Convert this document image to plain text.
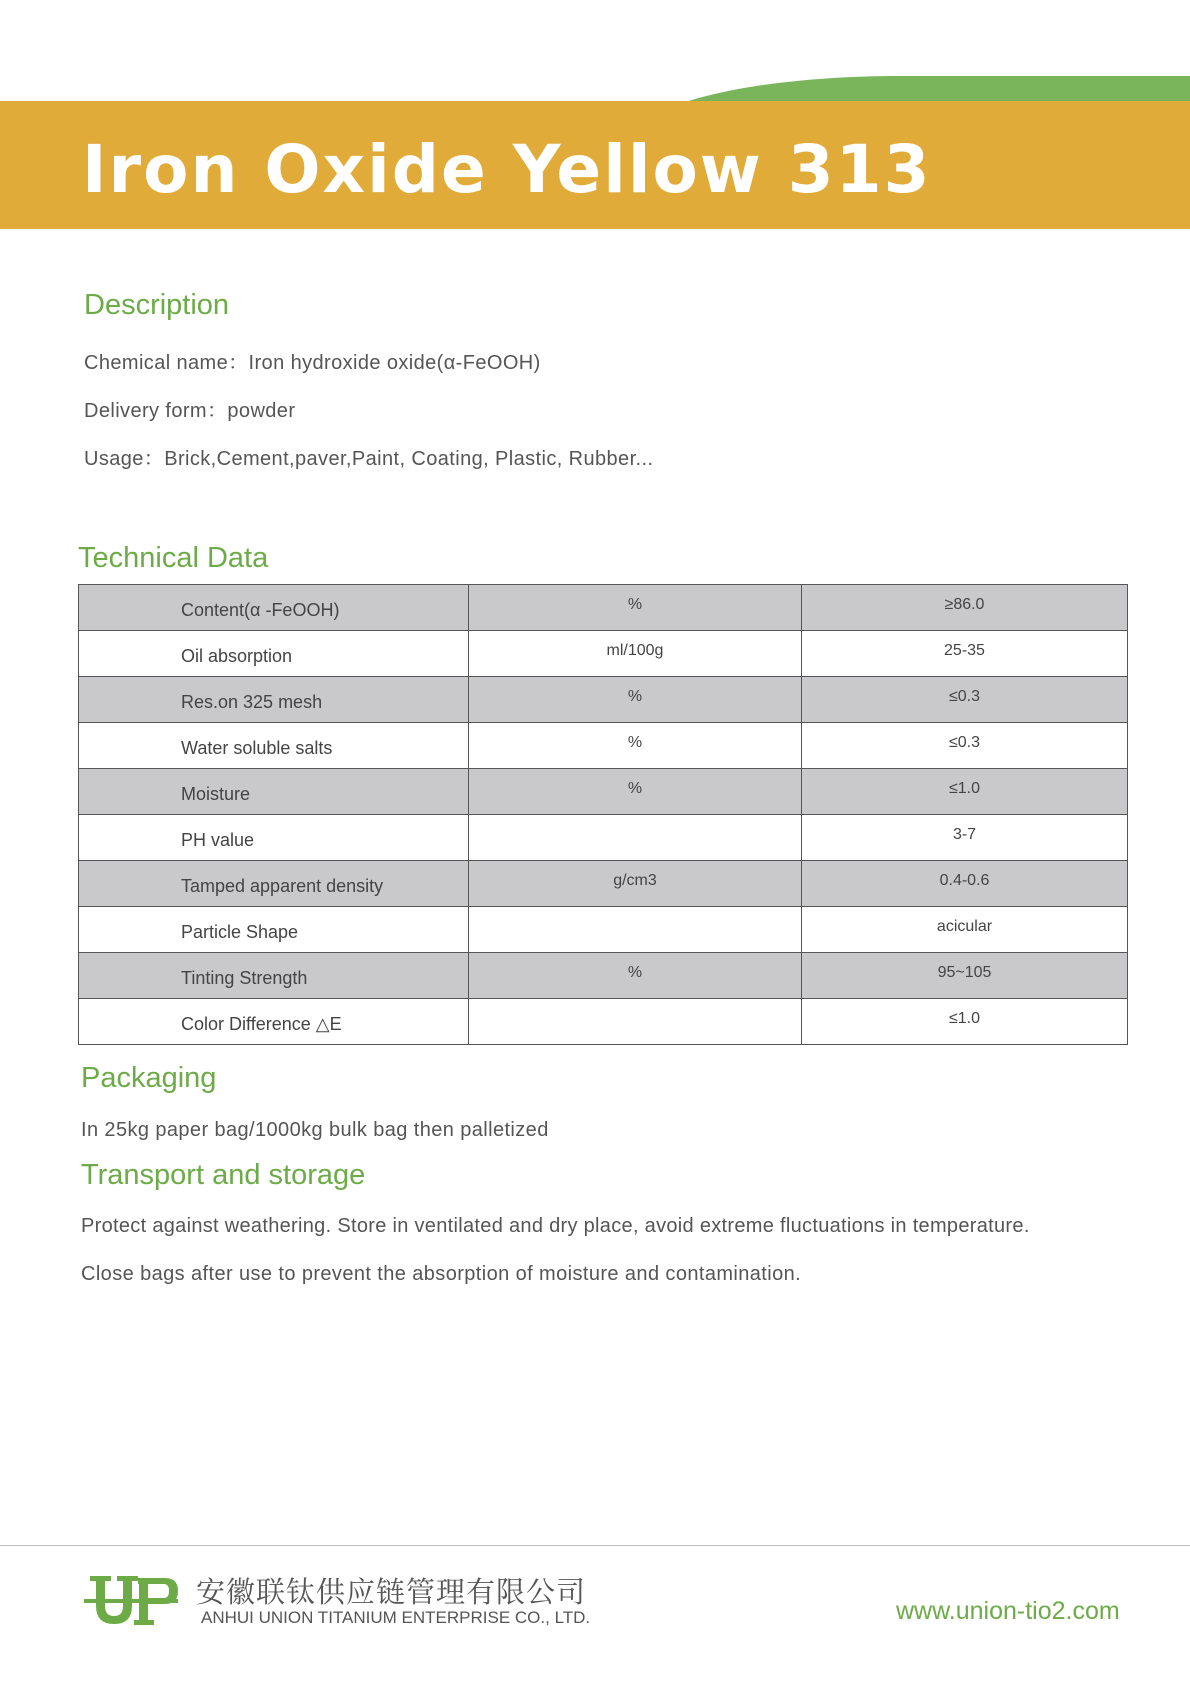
Iron Oxide Yellow 313
Description

Chemical name：Iron hydroxide oxide(α-FeOOH)

Delivery form：powder

Usage：Brick,Cement,paver,Paint, Coating, Plastic, Rubber...

Technical Data
Content(α -FeOOH)	%	≥86.0
Oil absorption	ml/100g	25-35
Res.on 325 mesh	%	≤0.3
Water soluble salts	%	≤0.3
Moisture	%	≤1.0
PH value		3-7
Tamped apparent density	g/cm3	0.4-0.6
Particle Shape		acicular
Tinting Strength	%	95~105
Color Difference △E		≤1.0
Packaging

In 25kg paper bag/1000kg bulk bag then palletized

Transport and storage

Protect against weathering. Store in ventilated and dry place, avoid extreme fluctuations in temperature.

Close bags after use to prevent the absorption of moisture and contamination.

安徽联钛供应链管理有限公司
ANHUI UNION TITANIUM ENTERPRISE CO., LTD.	www.union-tio2.com
